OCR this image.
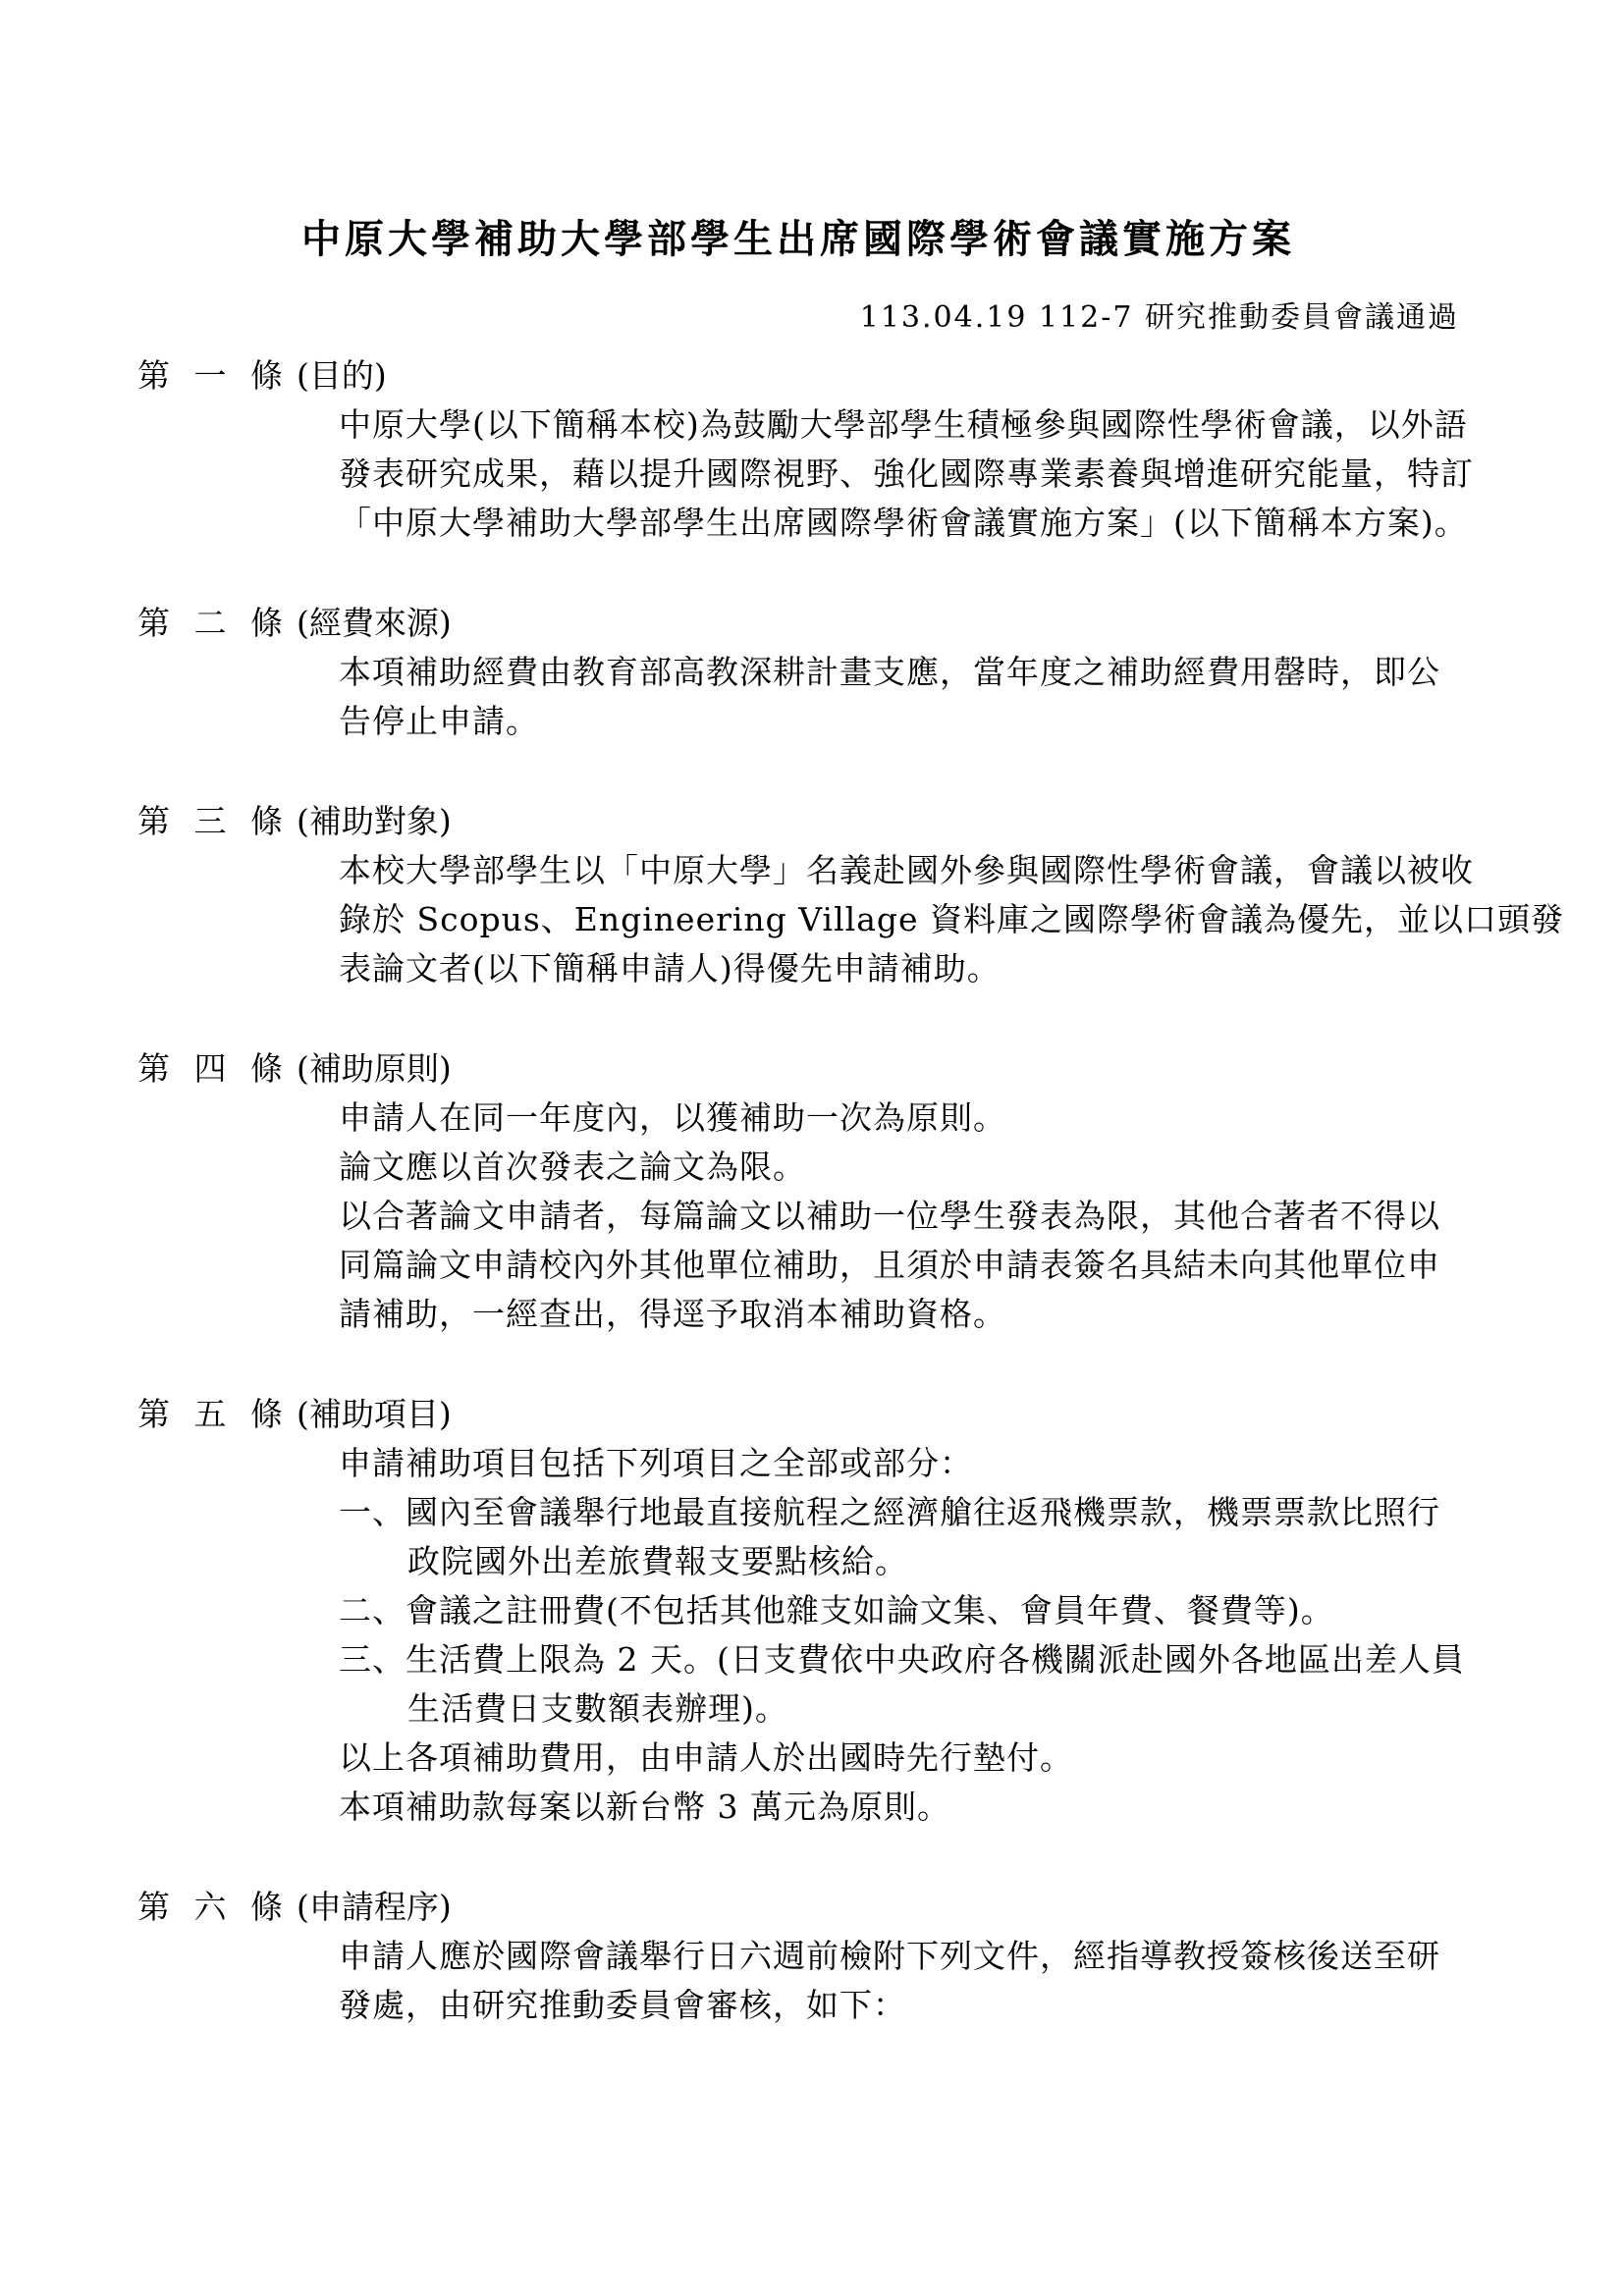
中原大學補助大學部學生出席國際學術會議實施方案
113.04.19 112-7 研究推動委員會議通過
第 一 條 (目的)
中原大學(以下簡稱本校)為鼓勵大學部學生積極參與國際性學術會議，以外語
發表研究成果，藉以提升國際視野、強化國際專業素養與增進研究能量，特訂
「中原大學補助大學部學生出席國際學術會議實施方案」(以下簡稱本方案)。
第 二 條 (經費來源)
本項補助經費由教育部高教深耕計畫支應，當年度之補助經費用罄時，即公
告停止申請。
第 三 條 (補助對象)
本校大學部學生以「中原大學」名義赴國外參與國際性學術會議，會議以被收
錄於 Scopus、Engineering Village 資料庫之國際學術會議為優先，並以口頭發
表論文者(以下簡稱申請人)得優先申請補助。
第 四 條 (補助原則)
申請人在同一年度內，以獲補助一次為原則。
論文應以首次發表之論文為限。
以合著論文申請者，每篇論文以補助一位學生發表為限，其他合著者不得以
同篇論文申請校內外其他單位補助，且須於申請表簽名具結未向其他單位申
請補助，一經查出，得逕予取消本補助資格。
第 五 條 (補助項目)
申請補助項目包括下列項目之全部或部分：
一、國內至會議舉行地最直接航程之經濟艙往返飛機票款，機票票款比照行
政院國外出差旅費報支要點核給。
二、會議之註冊費(不包括其他雜支如論文集、會員年費、餐費等)。
三、生活費上限為 2 天。(日支費依中央政府各機關派赴國外各地區出差人員
生活費日支數額表辦理)。
以上各項補助費用，由申請人於出國時先行墊付。
本項補助款每案以新台幣 3 萬元為原則。
第 六 條 (申請程序)
申請人應於國際會議舉行日六週前檢附下列文件，經指導教授簽核後送至研
發處，由研究推動委員會審核，如下：
